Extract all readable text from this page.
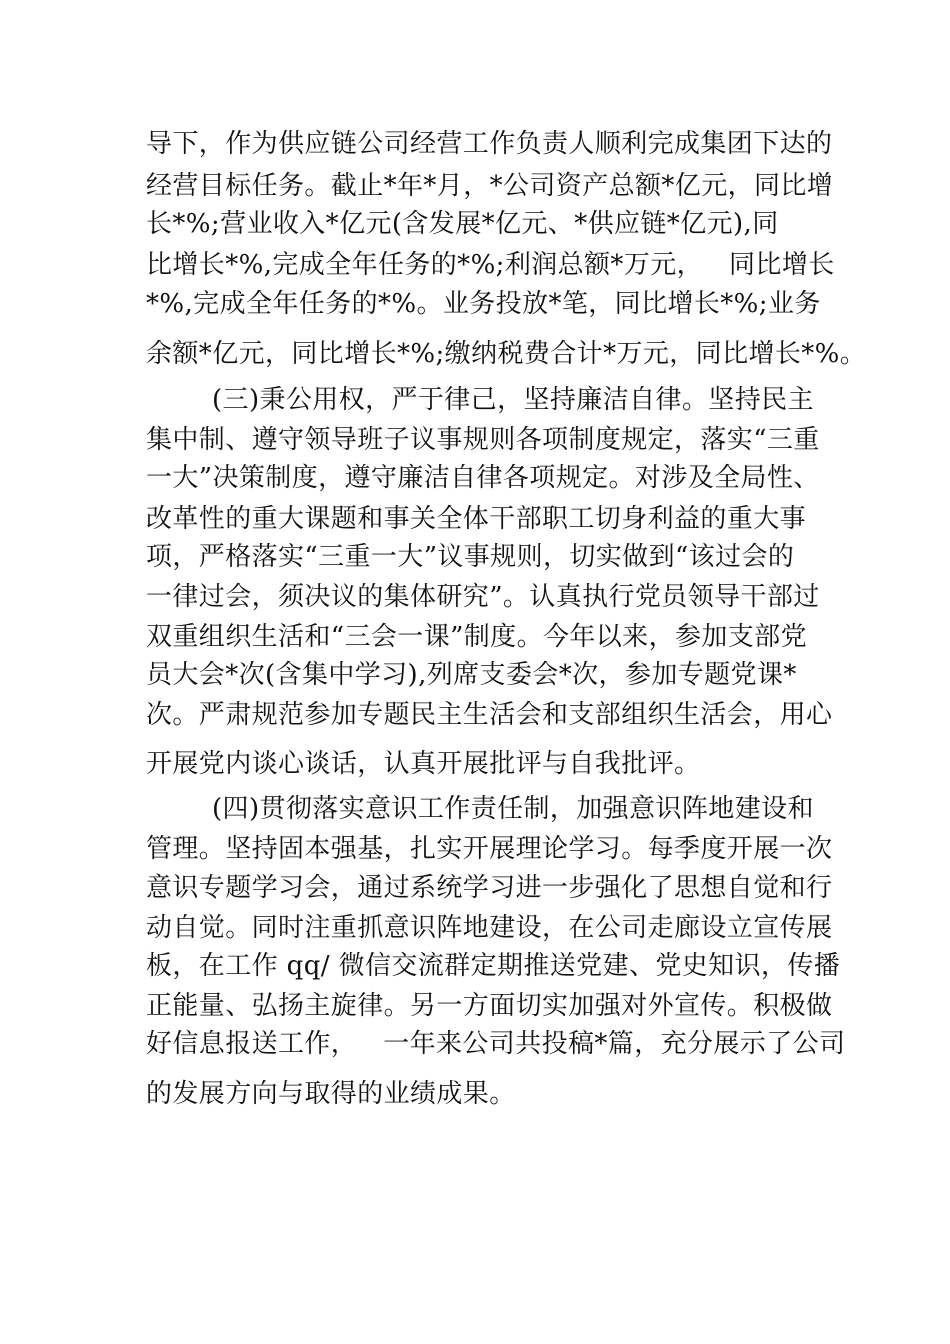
导下，作为供应链公司经营工作负责人顺利完成集团下达的

经营目标任务。截止*年*月，*公司资产总额*亿元，同比增

长*%;营业收入*亿元(含发展*亿元、*供应链*亿元),同

比增长*%,完成全年任务的*%;利润总额*万元，   同比增长

*%,完成全年任务的*%。业务投放*笔，同比增长*%;业务

余额*亿元，同比增长*%;缴纳税费合计*万元，同比增长*%。

(三)秉公用权，严于律己，坚持廉洁自律。坚持民主

集中制、遵守领导班子议事规则各项制度规定，落实“三重

一大”决策制度，遵守廉洁自律各项规定。对涉及全局性、

改革性的重大课题和事关全体干部职工切身利益的重大事

项，严格落实“三重一大”议事规则，切实做到“该过会的

一律过会，须决议的集体研究”。认真执行党员领导干部过

双重组织生活和“三会一课”制度。今年以来，参加支部党

员大会*次(含集中学习),列席支委会*次，参加专题党课*

次。严肃规范参加专题民主生活会和支部组织生活会，用心

开展党内谈心谈话，认真开展批评与自我批评。

(四)贯彻落实意识工作责任制，加强意识阵地建设和

管理。坚持固本强基，扎实开展理论学习。每季度开展一次

意识专题学习会，通过系统学习进一步强化了思想自觉和行

动自觉。同时注重抓意识阵地建设，在公司走廊设立宣传展

板，在工作 qq/ 微信交流群定期推送党建、党史知识，传播

正能量、弘扬主旋律。另一方面切实加强对外宣传。积极做

好信息报送工作，   一年来公司共投稿*篇，充分展示了公司

的发展方向与取得的业绩成果。
